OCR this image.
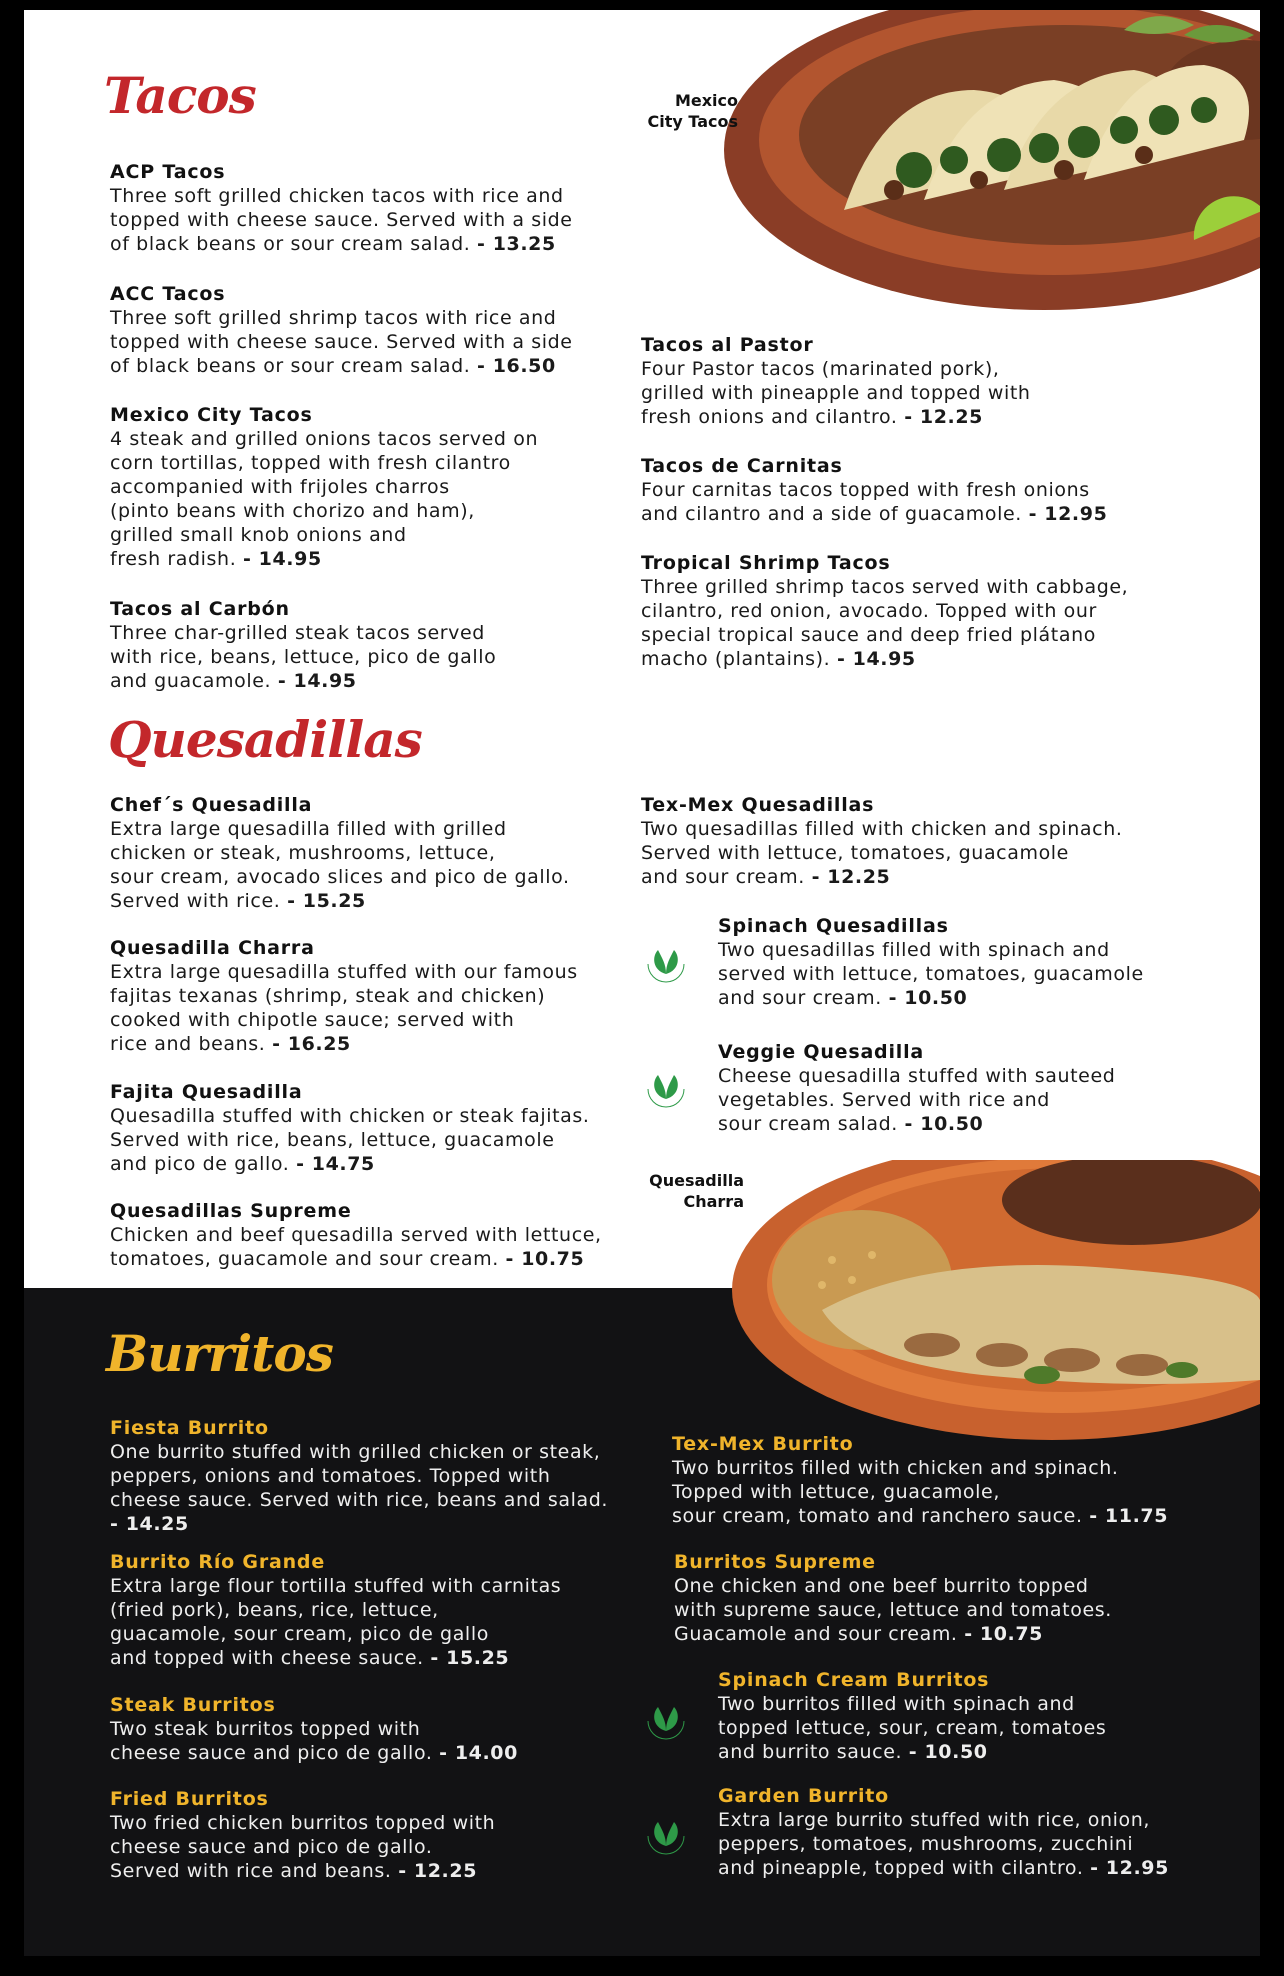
Tacos	Mexico
City Tacos
ACP Tacos
Three soft grilled chicken tacos with rice and
topped with cheese sauce. Served with a side
of black beans or sour cream salad. - 13.25
ACC Tacos
Three soft grilled shrimp tacos with rice and
topped with cheese sauce. Served with a side
of black beans or sour cream salad. - 16.50
Mexico City Tacos
4 steak and grilled onions tacos served on
corn tortillas, topped with fresh cilantro
accompanied with frijoles charros
(pinto beans with chorizo and ham),
grilled small knob onions and
fresh radish. - 14.95
Tacos al Carbón
Three char-grilled steak tacos served
with rice, beans, lettuce, pico de gallo
and guacamole. - 14.95
Tacos al Pastor
Four Pastor tacos (marinated pork),
grilled with pineapple and topped with
fresh onions and cilantro. - 12.25
Tacos de Carnitas
Four carnitas tacos topped with fresh onions
and cilantro and a side of guacamole. - 12.95
Tropical Shrimp Tacos
Three grilled shrimp tacos served with cabbage,
cilantro, red onion, avocado. Topped with our
special tropical sauce and deep fried plátano
macho (plantains). - 14.95
Quesadillas
Chef´s Quesadilla
Extra large quesadilla filled with grilled
chicken or steak, mushrooms, lettuce,
sour cream, avocado slices and pico de gallo.
Served with rice. - 15.25
Quesadilla Charra
Extra large quesadilla stuffed with our famous
fajitas texanas (shrimp, steak and chicken)
cooked with chipotle sauce; served with
rice and beans. - 16.25
Fajita Quesadilla
Quesadilla stuffed with chicken or steak fajitas.
Served with rice, beans, lettuce, guacamole
and pico de gallo. - 14.75
Quesadillas Supreme
Chicken and beef quesadilla served with lettuce,
tomatoes, guacamole and sour cream. - 10.75
Tex-Mex Quesadillas
Two quesadillas filled with chicken and spinach.
Served with lettuce, tomatoes, guacamole
and sour cream. - 12.25
Spinach Quesadillas
Two quesadillas filled with spinach and
served with lettuce, tomatoes, guacamole
and sour cream. - 10.50
Veggie Quesadilla
Cheese quesadilla stuffed with sauteed
vegetables. Served with rice and
sour cream salad. - 10.50
Quesadilla
Charra
Burritos
Fiesta Burrito
One burrito stuffed with grilled chicken or steak,
peppers, onions and tomatoes. Topped with
cheese sauce. Served with rice, beans and salad.
- 14.25
Burrito Río Grande
Extra large flour tortilla stuffed with carnitas
(fried pork), beans, rice, lettuce,
guacamole, sour cream, pico de gallo
and topped with cheese sauce. - 15.25
Steak Burritos
Two steak burritos topped with
cheese sauce and pico de gallo. - 14.00
Fried Burritos
Two fried chicken burritos topped with
cheese sauce and pico de gallo.
Served with rice and beans. - 12.25
Tex-Mex Burrito
Two burritos filled with chicken and spinach.
Topped with lettuce, guacamole,
sour cream, tomato and ranchero sauce. - 11.75
Burritos Supreme
One chicken and one beef burrito topped
with supreme sauce, lettuce and tomatoes.
Guacamole and sour cream. - 10.75
Spinach Cream Burritos
Two burritos filled with spinach and
topped lettuce, sour, cream, tomatoes
and burrito sauce. - 10.50
Garden Burrito
Extra large burrito stuffed with rice, onion,
peppers, tomatoes, mushrooms, zucchini
and pineapple, topped with cilantro. - 12.95
